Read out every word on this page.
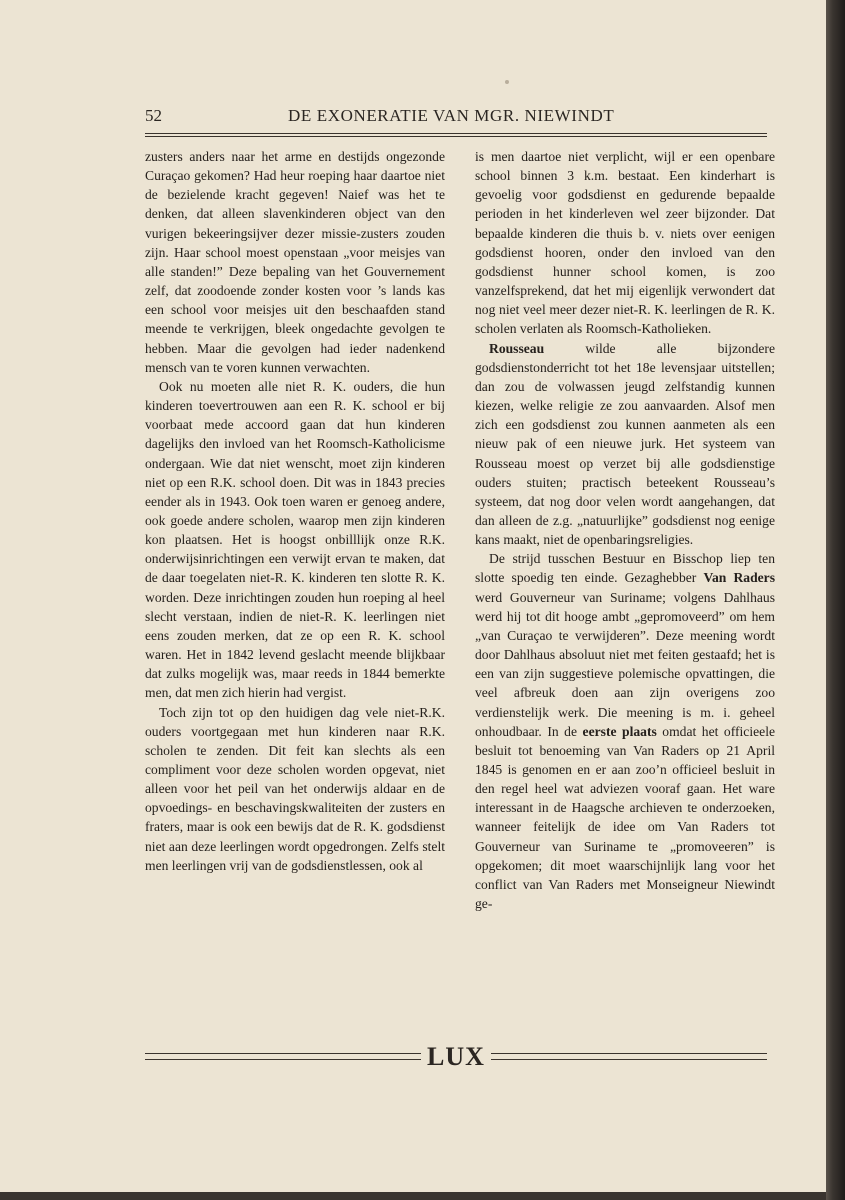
52	DE EXONERATIE VAN MGR. NIEWINDT

zusters anders naar het arme en destijds ongezonde Curaçao gekomen? Had heur roeping haar daartoe niet de bezielende kracht gegeven! Naief was het te denken, dat alleen slavenkinderen object van den vurigen bekeeringsijver dezer missie-zusters zouden zijn. Haar school moest openstaan „voor meisjes van alle standen!” Deze bepaling van het Gouvernement zelf, dat zoodoende zonder kosten voor ’s lands kas een school voor meisjes uit den beschaafden stand meende te verkrijgen, bleek ongedachte gevolgen te hebben. Maar die gevolgen had ieder nadenkend mensch van te voren kunnen verwachten.

Ook nu moeten alle niet R. K. ouders, die hun kinderen toevertrouwen aan een R. K. school er bij voorbaat mede accoord gaan dat hun kinderen dagelijks den invloed van het Roomsch-Katholicisme ondergaan. Wie dat niet wenscht, moet zijn kinderen niet op een R.K. school doen. Dit was in 1843 precies eender als in 1943. Ook toen waren er genoeg andere, ook goede andere scholen, waarop men zijn kinderen kon plaatsen. Het is hoogst onbilllijk onze R.K. onderwijsinrichtingen een verwijt ervan te maken, dat de daar toegelaten niet-R. K. kinderen ten slotte R. K. worden. Deze inrichtingen zouden hun roeping al heel slecht verstaan, indien de niet-R. K. leerlingen niet eens zouden merken, dat ze op een R. K. school waren. Het in 1842 levend geslacht meende blijkbaar dat zulks mogelijk was, maar reeds in 1844 bemerkte men, dat men zich hierin had vergist.

Toch zijn tot op den huidigen dag vele niet-R.K. ouders voortgegaan met hun kinderen naar R.K. scholen te zenden. Dit feit kan slechts als een compliment voor deze scholen worden opgevat, niet alleen voor het peil van het onderwijs aldaar en de opvoedings- en beschavingskwaliteiten der zusters en fraters, maar is ook een bewijs dat de R. K. godsdienst niet aan deze leerlingen wordt opgedrongen. Zelfs stelt men leerlingen vrij van de godsdienstlessen, ook al

is men daartoe niet verplicht, wijl er een openbare school binnen 3 k.m. bestaat. Een kinderhart is gevoelig voor godsdienst en gedurende bepaalde perioden in het kinderleven wel zeer bijzonder. Dat bepaalde kinderen die thuis b. v. niets over eenigen godsdienst hooren, onder den invloed van den godsdienst hunner school komen, is zoo vanzelfsprekend, dat het mij eigenlijk verwondert dat nog niet veel meer dezer niet-R. K. leerlingen de R. K. scholen verlaten als Roomsch-Katholieken.

Rousseau wilde alle bijzondere godsdienstonderricht tot het 18e levensjaar uitstellen; dan zou de volwassen jeugd zelfstandig kunnen kiezen, welke religie ze zou aanvaarden. Alsof men zich een godsdienst zou kunnen aanmeten als een nieuw pak of een nieuwe jurk. Het systeem van Rousseau moest op verzet bij alle godsdienstige ouders stuiten; practisch beteekent Rousseau’s systeem, dat nog door velen wordt aangehangen, dat dan alleen de z.g. „natuurlijke” godsdienst nog eenige kans maakt, niet de openbaringsreligies.

De strijd tusschen Bestuur en Bisschop liep ten slotte spoedig ten einde. Gezaghebber Van Raders werd Gouverneur van Suriname; volgens Dahlhaus werd hij tot dit hooge ambt „gepromoveerd” om hem „van Curaçao te verwijderen”. Deze meening wordt door Dahlhaus absoluut niet met feiten gestaafd; het is een van zijn suggestieve polemische opvattingen, die veel afbreuk doen aan zijn overigens zoo verdienstelijk werk. Die meening is m. i. geheel onhoudbaar. In de eerste plaats omdat het officieele besluit tot benoeming van Van Raders op 21 April 1845 is genomen en er aan zoo’n officieel besluit in den regel heel wat adviezen vooraf gaan. Het ware interessant in de Haagsche archieven te onderzoeken, wanneer feitelijk de idee om Van Raders tot Gouverneur van Suriname te „promoveeren” is opgekomen; dit moet waarschijnlijk lang voor het conflict van Van Raders met Monseigneur Niewindt ge-

LUX
